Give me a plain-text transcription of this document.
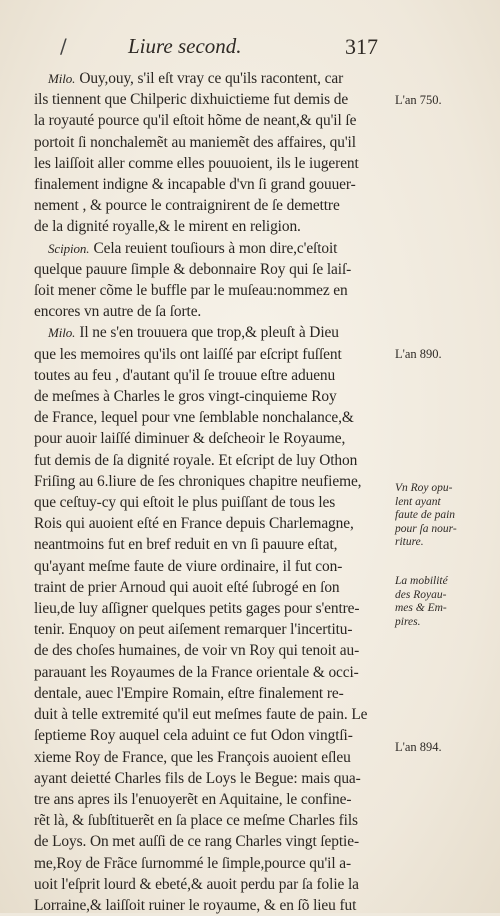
/	Liure second.	317
Milo. Ouy,ouy, s'il eſt vray ce qu'ils racontent, car
ils tiennent que Chilperic dixhuictieme fut demis de
la royauté pource qu'il eſtoit hõme de neant,& qu'il ſe
portoit ſi nonchalemẽt au maniemẽt des affaires, qu'il
les laiſſoit aller comme elles pouuoient, ils le iugerent
finalement indigne & incapable d'vn ſi grand gouuer-
nement , & pource le contraignirent de ſe demettre
de la dignité royalle,& le mirent en religion.
Scipion. Cela reuient touſiours à mon dire,c'eſtoit
quelque pauure ſimple & debonnaire Roy qui ſe laiſ-
ſoit mener cõme le buffle par le muſeau:nommez en
encores vn autre de ſa ſorte.
Milo. Il ne s'en trouuera que trop,& pleuſt à Dieu
que les memoires qu'ils ont laiſſé par eſcript fuſſent
toutes au feu , d'autant qu'il ſe trouue eſtre aduenu
de meſmes à Charles le gros vingt-cinquieme Roy
de France, lequel pour vne ſemblable nonchalance,&
pour auoir laiſſé diminuer & deſcheoir le Royaume,
fut demis de ſa dignité royale. Et eſcript de luy Othon
Friſing au 6.liure de ſes chroniques chapitre neufieme,
que ceſtuy-cy qui eſtoit le plus puiſſant de tous les
Rois qui auoient eſté en France depuis Charlemagne,
neantmoins fut en bref reduit en vn ſi pauure eſtat,
qu'ayant meſme faute de viure ordinaire, il fut con-
traint de prier Arnoud qui auoit eſté ſubrogé en ſon
lieu,de luy aſſigner quelques petits gages pour s'entre-
tenir. Enquoy on peut aiſement remarquer l'incertitu-
de des choſes humaines, de voir vn Roy qui tenoit au-
parauant les Royaumes de la France orientale & occi-
dentale, auec l'Empire Romain, eſtre finalement re-
duit à telle extremité qu'il eut meſmes faute de pain. Le
ſeptieme Roy auquel cela aduint ce fut Odon vingtſi-
xieme Roy de France, que les François auoient eſleu
ayant deietté Charles fils de Loys le Begue: mais qua-
tre ans apres ils l'enuoyerẽt en Aquitaine, le confine-
rẽt là, & ſubſtituerẽt en ſa place ce meſme Charles fils
de Loys. On met auſſi de ce rang Charles vingt ſeptie-
me,Roy de Frãce ſurnommé le ſimple,pource qu'il a-
uoit l'eſprit lourd & ebeté,& auoit perdu par ſa folie la
Lorraine,& laiſſoit ruiner le royaume, & en ſõ lieu fut
L'an 750.
L'an 890.
Vn Roy opu-
lent ayant
faute de pain
pour ſa nour-
riture.
La mobilité
des Royau-
mes & Em-
pires.
L'an 894.
